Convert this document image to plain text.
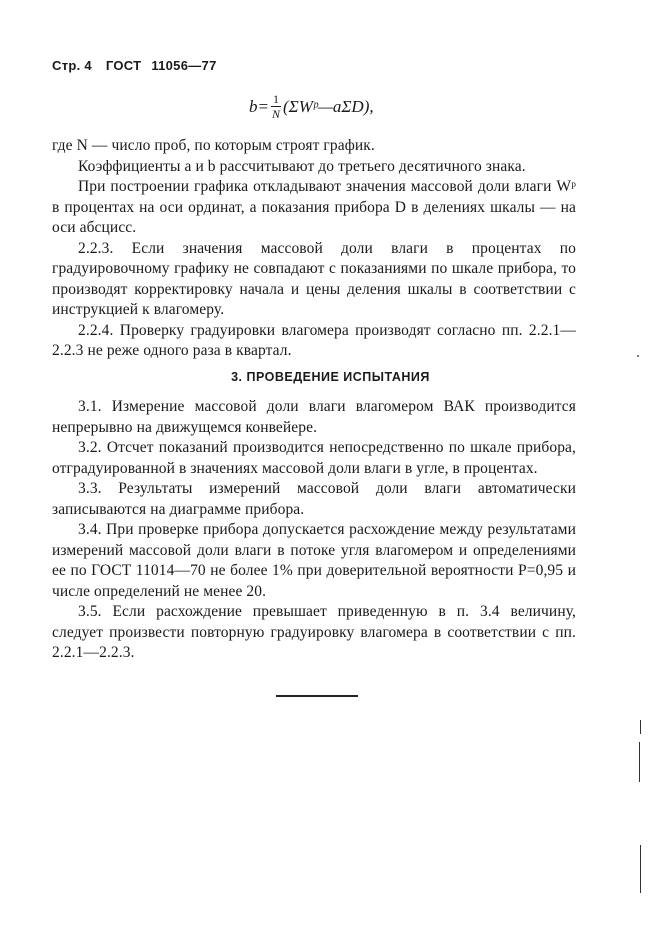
Стр. 4 ГОСТ 11056—77
$b= \frac{1}{N}$ (ΣWᵖ—aΣD),

где N — число проб, по которым строят график.

Коэффициенты a и b рассчитывают до третьего десятичного знака.

При построении графика откладывают значения массовой доли влаги Wᵖ в процентах на оси ординат, а показания прибора D в делениях шкалы — на оси абсцисс.

2.2.3. Если значения массовой доли влаги в процентах по градуировочному графику не совпадают с показаниями по шкале прибора, то производят корректировку начала и цены деления шкалы в соответствии с инструкцией к влагомеру.

2.2.4. Проверку градуировки влагомера производят согласно пп. 2.2.1—2.2.3 не реже одного раза в квартал.

3. ПРОВЕДЕНИЕ ИСПЫТАНИЯ

3.1. Измерение массовой доли влаги влагомером ВАК производится непрерывно на движущемся конвейере.

3.2. Отсчет показаний производится непосредственно по шкале прибора, отградуированной в значениях массовой доли влаги в угле, в процентах.

3.3. Результаты измерений массовой доли влаги автоматически записываются на диаграмме прибора.

3.4. При проверке прибора допускается расхождение между результатами измерений массовой доли влаги в потоке угля влагомером и определениями ее по ГОСТ 11014—70 не более 1% при доверительной вероятности P=0,95 и числе определений не менее 20.

3.5. Если расхождение превышает приведенную в п. 3.4 величину, следует произвести повторную градуировку влагомера в соответствии с пп. 2.2.1—2.2.3.
